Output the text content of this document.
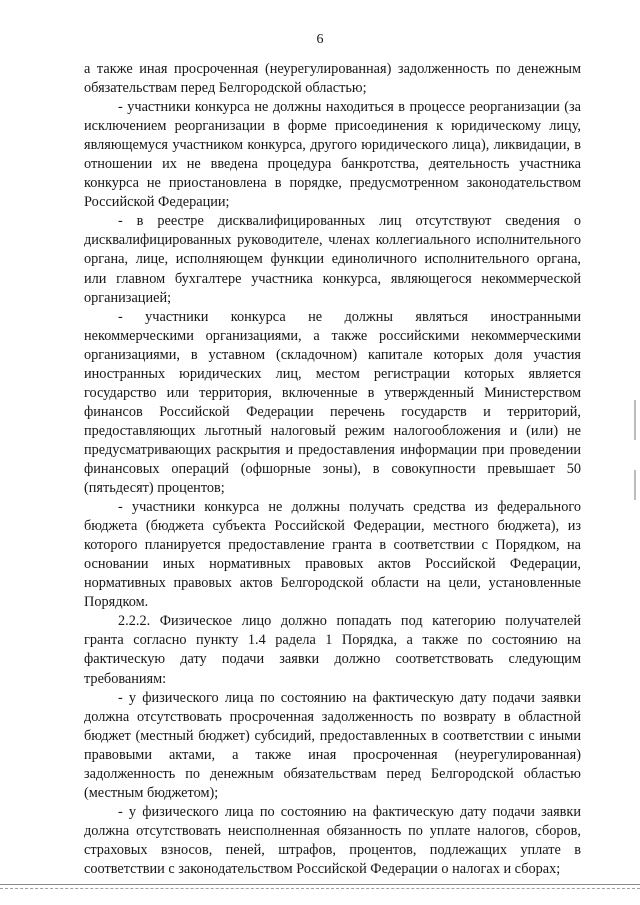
6

а также иная просроченная (неурегулированная) задолженность по денежным обязательствам перед Белгородской областью;

- участники конкурса не должны находиться в процессе реорганизации (за исключением реорганизации в форме присоединения к юридическому лицу, являющемуся участником конкурса, другого юридического лица), ликвидации, в отношении их не введена процедура банкротства, деятельность участника конкурса не приостановлена в порядке, предусмотренном законодательством Российской Федерации;

- в реестре дисквалифицированных лиц отсутствуют сведения о дисквалифицированных руководителе, членах коллегиального исполнительного органа, лице, исполняющем функции единоличного исполнительного органа, или главном бухгалтере участника конкурса, являющегося некоммерческой организацией;

- участники конкурса не должны являться иностранными некоммерческими организациями, а также российскими некоммерческими организациями, в уставном (складочном) капитале которых доля участия иностранных юридических лиц, местом регистрации которых является государство или территория, включенные в утвержденный Министерством финансов Российской Федерации перечень государств и территорий, предоставляющих льготный налоговый режим налогообложения и (или) не предусматривающих раскрытия и предоставления информации при проведении финансовых операций (офшорные зоны), в совокупности превышает 50 (пятьдесят) процентов;

- участники конкурса не должны получать средства из федерального бюджета (бюджета субъекта Российской Федерации, местного бюджета), из которого планируется предоставление гранта в соответствии с Порядком, на основании иных нормативных правовых актов Российской Федерации, нормативных правовых актов Белгородской области на цели, установленные Порядком.

2.2.2. Физическое лицо должно попадать под категорию получателей гранта согласно пункту 1.4 радела 1 Порядка, а также по состоянию на фактическую дату подачи заявки должно соответствовать следующим требованиям:

- у физического лица по состоянию на фактическую дату подачи заявки должна отсутствовать просроченная задолженность по возврату в областной бюджет (местный бюджет) субсидий, предоставленных в соответствии с иными правовыми актами, а также иная просроченная (неурегулированная) задолженность по денежным обязательствам перед Белгородской областью (местным бюджетом);

- у физического лица по состоянию на фактическую дату подачи заявки должна отсутствовать неисполненная обязанность по уплате налогов, сборов, страховых взносов, пеней, штрафов, процентов, подлежащих уплате в соответствии с законодательством Российской Федерации о налогах и сборах;
